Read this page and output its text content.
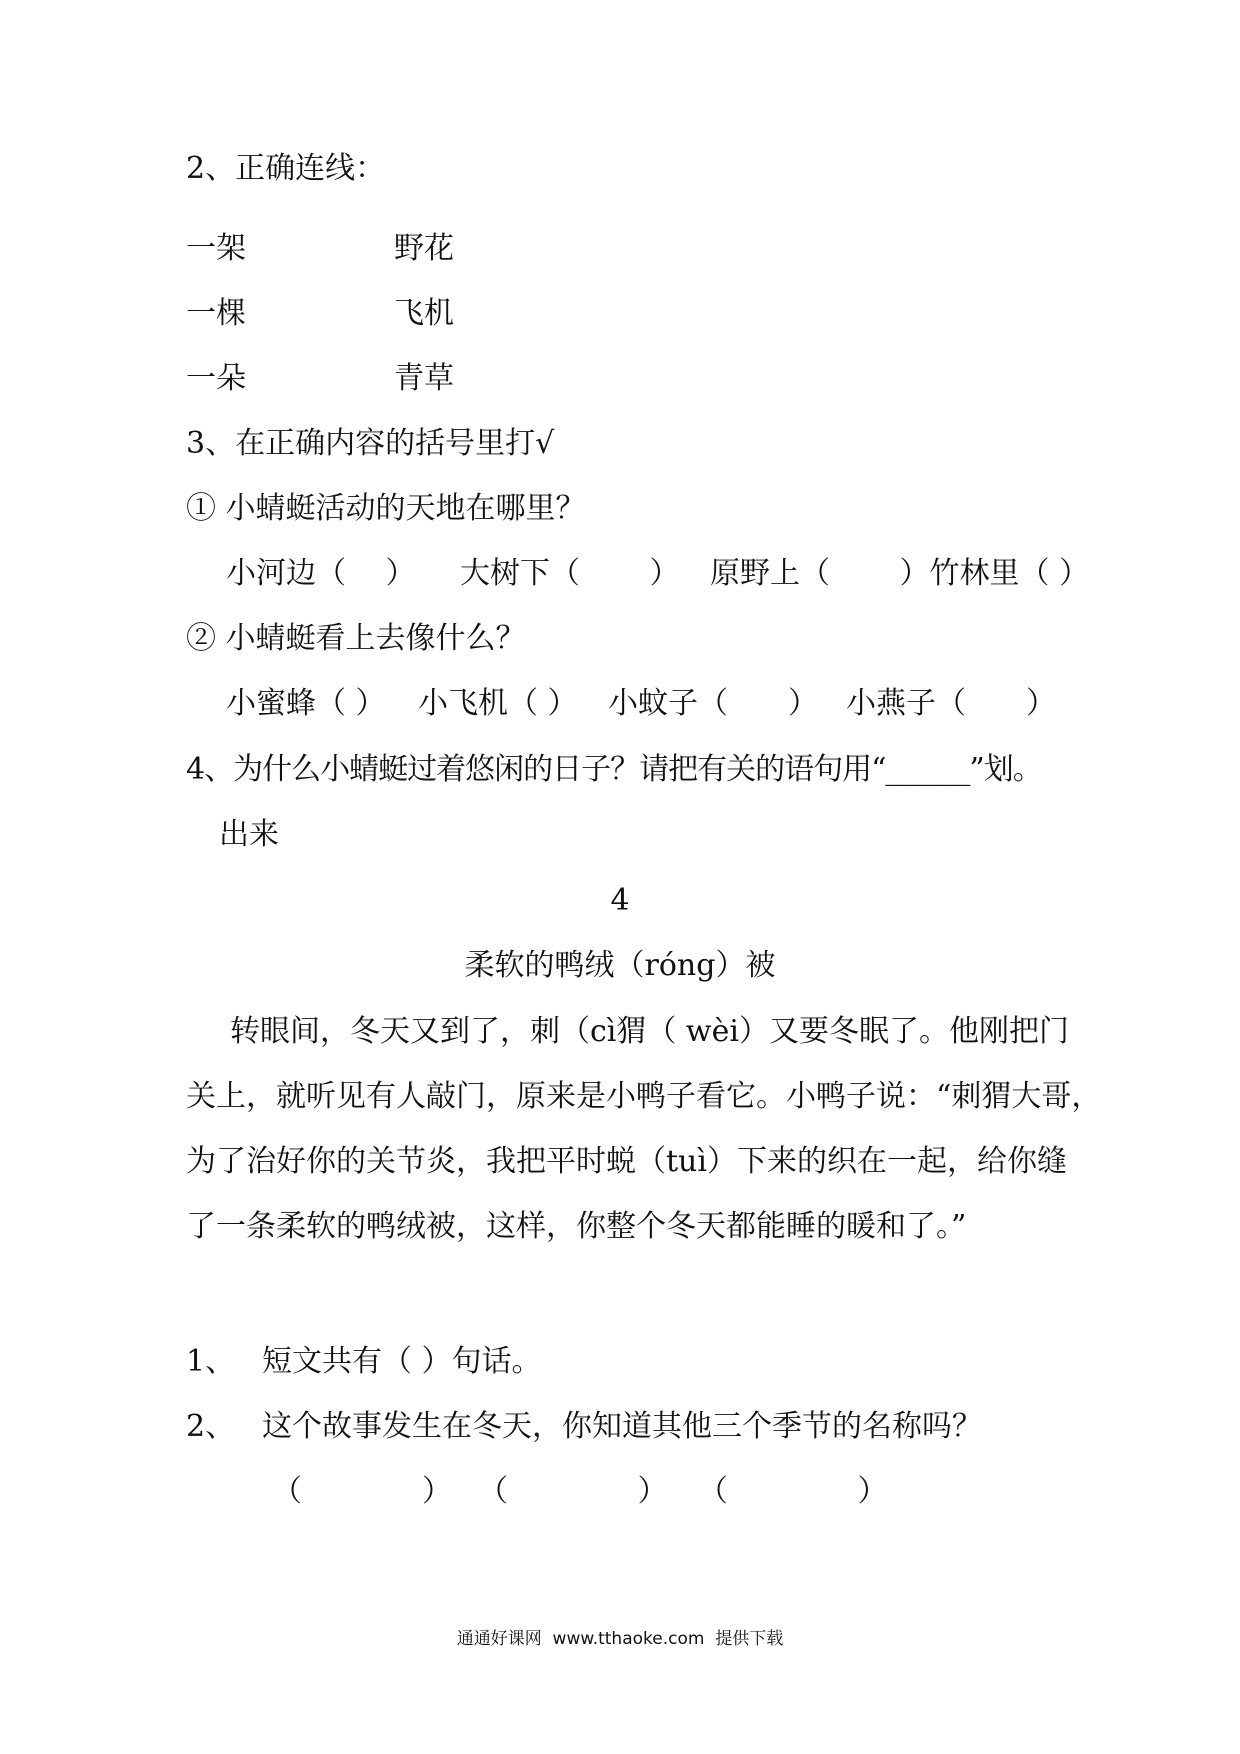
2、正确连线：
一架	野花
一棵	飞机
一朵	青草
3、在正确内容的括号里打√
① 小蜻蜓活动的天地在哪里？
小河边（　 ） 大树下（　　 ） 原野上（　　 ）竹林里（ ）
② 小蜻蜓看上去像什么？
小蜜蜂（ ） 小飞机（ ） 小蚊子（　　） 小燕子（　　）
4、为什么小蜻蜓过着悠闲的日子？请把有关的语句用“______”划。
出来
4
柔软的鸭绒（róng）被
转眼间，冬天又到了，刺（cì猬（ wèi）又要冬眠了。他刚把门
关上，就听见有人敲门，原来是小鸭子看它。小鸭子说：“刺猬大哥，
为了治好你的关节炎，我把平时蜕（tuì）下来的织在一起，给你缝
了一条柔软的鸭绒被，这样，你整个冬天都能睡的暖和了。”
1、 短文共有（ ）句话。
2、 这个故事发生在冬天，你知道其他三个季节的名称吗？
（　　　　） （　　　　 ） （　　　　 ）
通通好课网  www.tthaoke.com  提供下载
